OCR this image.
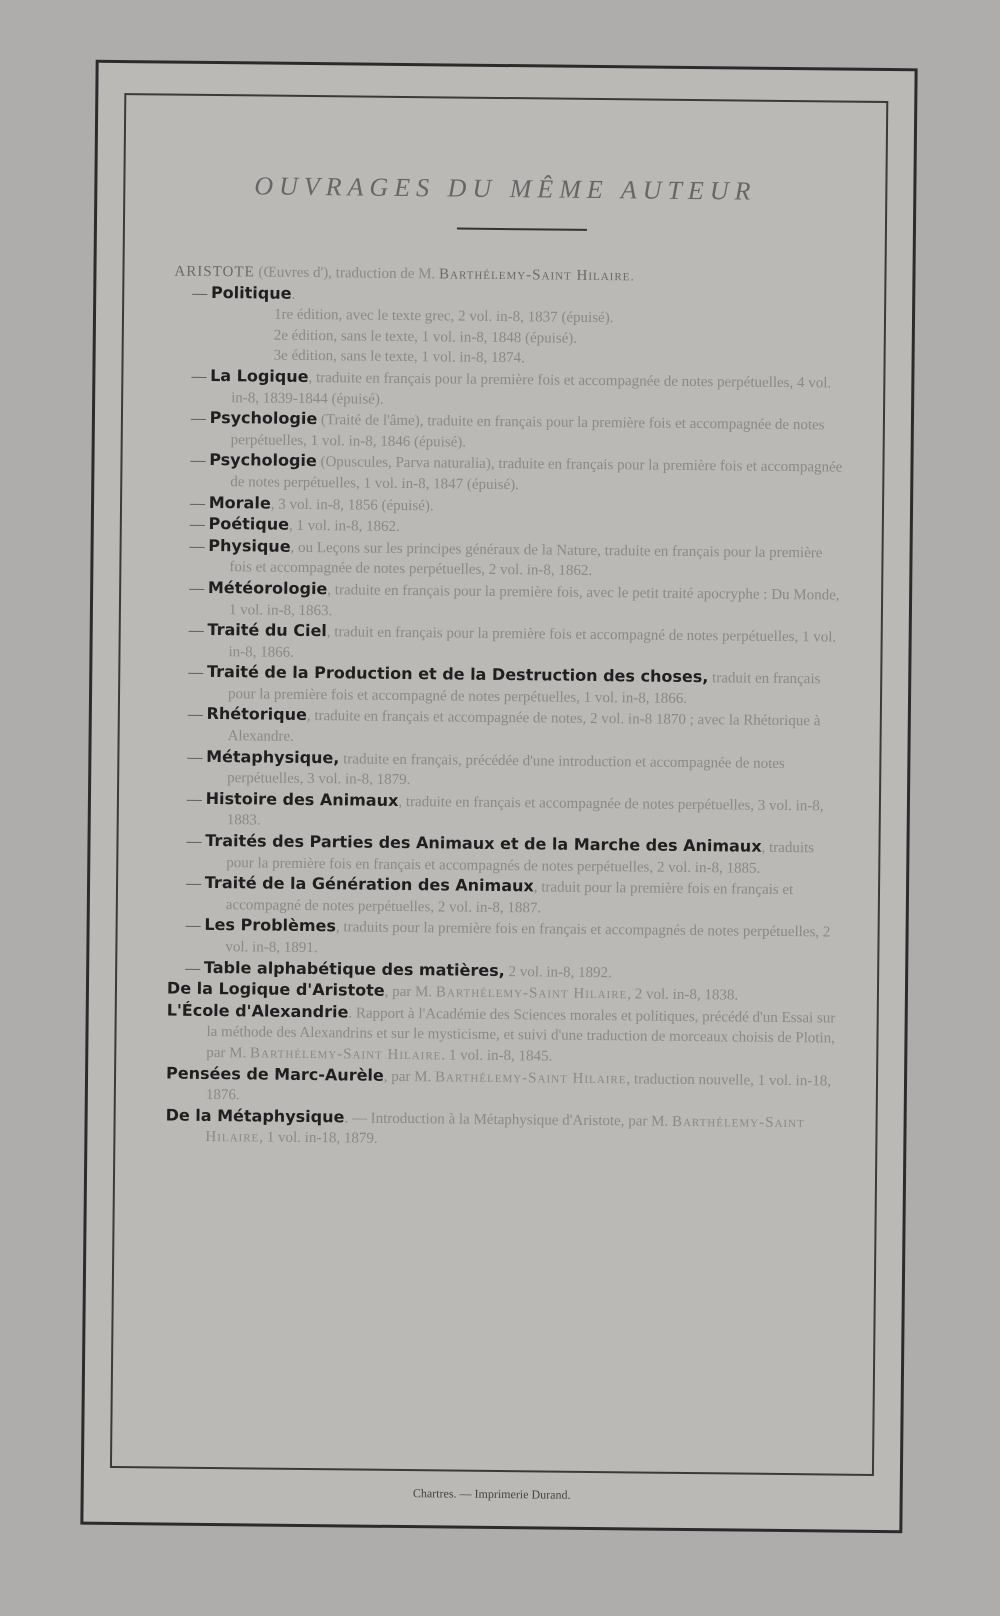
OUVRAGES DU MÊME AUTEUR

ARISTOTE (Œuvres d'), traduction de M. Barthélemy-Saint Hilaire.

— Politique.

1re édition, avec le texte grec, 2 vol. in-8, 1837 (épuisé).

2e édition, sans le texte, 1 vol. in-8, 1848 (épuisé).

3e édition, sans le texte, 1 vol. in-8, 1874.

— La Logique, traduite en français pour la première fois et accompagnée de notes perpétuelles, 4 vol. in-8, 1839-1844 (épuisé).

— Psychologie (Traité de l'âme), traduite en français pour la première fois et accompagnée de notes perpétuelles, 1 vol. in-8, 1846 (épuisé).

— Psychologie (Opuscules, Parva naturalia), traduite en français pour la première fois et accompagnée de notes perpétuelles, 1 vol. in-8, 1847 (épuisé).

— Morale, 3 vol. in-8, 1856 (épuisé).

— Poétique, 1 vol. in-8, 1862.

— Physique, ou Leçons sur les principes généraux de la Nature, traduite en français pour la première fois et accompagnée de notes perpétuelles, 2 vol. in-8, 1862.

— Météorologie, traduite en français pour la première fois, avec le petit traité apocryphe : Du Monde, 1 vol. in-8, 1863.

— Traité du Ciel, traduit en français pour la première fois et accompagné de notes perpétuelles, 1 vol. in-8, 1866.

— Traité de la Production et de la Destruction des choses, traduit en français pour la première fois et accompagné de notes perpétuelles, 1 vol. in-8, 1866.

— Rhétorique, traduite en français et accompagnée de notes, 2 vol. in-8 1870 ; avec la Rhétorique à Alexandre.

— Métaphysique, traduite en français, précédée d'une introduction et accompagnée de notes perpétuelles, 3 vol. in-8, 1879.

— Histoire des Animaux, traduite en français et accompagnée de notes perpétuelles, 3 vol. in-8, 1883.

— Traités des Parties des Animaux et de la Marche des Animaux, traduits pour la première fois en français et accompagnés de notes perpétuelles, 2 vol. in-8, 1885.

— Traité de la Génération des Animaux, traduit pour la première fois en français et accompagné de notes perpétuelles, 2 vol. in-8, 1887.

— Les Problèmes, traduits pour la première fois en français et accompagnés de notes perpétuelles, 2 vol. in-8, 1891.

— Table alphabétique des matières, 2 vol. in-8, 1892.

De la Logique d'Aristote, par M. Barthélemy-Saint Hilaire, 2 vol. in-8, 1838.

L'École d'Alexandrie. Rapport à l'Académie des Sciences morales et politiques, précédé d'un Essai sur la méthode des Alexandrins et sur le mysticisme, et suivi d'une traduction de morceaux choisis de Plotin, par M. Barthélemy-Saint Hilaire. 1 vol. in-8, 1845.

Pensées de Marc-Aurèle, par M. Barthélemy-Saint Hilaire, traduction nouvelle, 1 vol. in-18, 1876.

De la Métaphysique. — Introduction à la Métaphysique d'Aristote, par M. Barthélemy-Saint Hilaire, 1 vol. in-18, 1879.

Chartres. — Imprimerie Durand.
